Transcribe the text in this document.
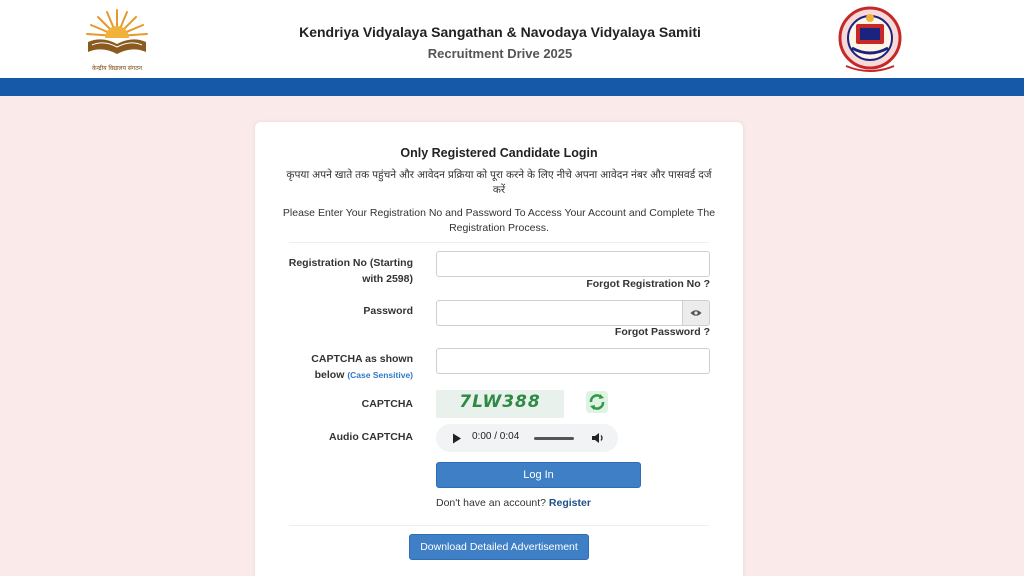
केन्द्रीय विद्यालय संगठन
Kendriya Vidyalaya Sangathan & Navodaya Vidyalaya Samiti
Recruitment Drive 2025
Only Registered Candidate Login
कृपया अपने खाते तक पहुंचने और आवेदन प्रक्रिया को पूरा करने के लिए नीचे अपना आवेदन नंबर और पासवर्ड दर्ज करें
Please Enter Your Registration No and Password To Access Your Account and Complete The Registration Process.
Registration No (Starting with 2598)	Forgot Registration No ?
Password
Forgot Password ?
CAPTCHA as shown below (Case Sensitive)
CAPTCHA	7LW388
Audio CAPTCHA	0:00 / 0:04
Log In
Don't have an account? Register
Download Detailed Advertisement
